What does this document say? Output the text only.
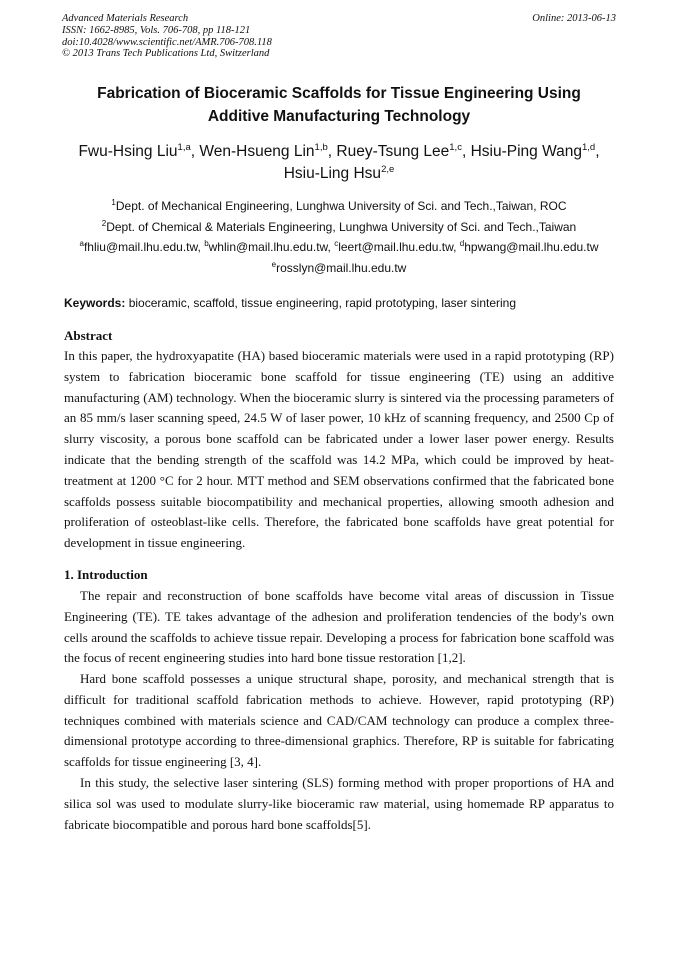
Advanced Materials Research
ISSN: 1662-8985, Vols. 706-708, pp 118-121
doi:10.4028/www.scientific.net/AMR.706-708.118
© 2013 Trans Tech Publications Ltd, Switzerland
Online: 2013-06-13
Fabrication of Bioceramic Scaffolds for Tissue Engineering Using
Additive Manufacturing Technology
Fwu-Hsing Liu$^{1,a}$, Wen-Hsueng Lin$^{1,b}$, Ruey-Tsung Lee$^{1,c}$, Hsiu-Ping Wang$^{1,d}$,
Hsiu-Ling Hsu$^{2,e}$
$^1$Dept. of Mechanical Engineering, Lunghwa University of Sci. and Tech.,Taiwan, ROC
$^2$Dept. of Chemical & Materials Engineering, Lunghwa University of Sci. and Tech.,Taiwan
$^a$fhliu@mail.lhu.edu.tw, $^b$whlin@mail.lhu.edu.tw, $^c$leert@mail.lhu.edu.tw, $^d$hpwang@mail.lhu.edu.tw
$^e$rosslyn@mail.lhu.edu.tw
Keywords: bioceramic, scaffold, tissue engineering, rapid prototyping, laser sintering
Abstract
In this paper, the hydroxyapatite (HA) based bioceramic materials were used in a rapid prototyping (RP) system to fabrication bioceramic bone scaffold for tissue engineering (TE) using an additive manufacturing (AM) technology. When the bioceramic slurry is sintered via the processing parameters of an 85 mm/s laser scanning speed, 24.5 W of laser power, 10 kHz of scanning frequency, and 2500 Cp of slurry viscosity, a porous bone scaffold can be fabricated under a lower laser power energy. Results indicate that the bending strength of the scaffold was 14.2 MPa, which could be improved by heat-treatment at 1200 °C for 2 hour. MTT method and SEM observations confirmed that the fabricated bone scaffolds possess suitable biocompatibility and mechanical properties, allowing smooth adhesion and proliferation of osteoblast-like cells. Therefore, the fabricated bone scaffolds have great potential for development in tissue engineering.
1. Introduction
The repair and reconstruction of bone scaffolds have become vital areas of discussion in Tissue Engineering (TE). TE takes advantage of the adhesion and proliferation tendencies of the body's own cells around the scaffolds to achieve tissue repair. Developing a process for fabrication bone scaffold was the focus of recent engineering studies into hard bone tissue restoration [1,2].
Hard bone scaffold possesses a unique structural shape, porosity, and mechanical strength that is difficult for traditional scaffold fabrication methods to achieve. However, rapid prototyping (RP) techniques combined with materials science and CAD/CAM technology can produce a complex three-dimensional prototype according to three-dimensional graphics. Therefore, RP is suitable for fabricating scaffolds for tissue engineering [3, 4].
In this study, the selective laser sintering (SLS) forming method with proper proportions of HA and silica sol was used to modulate slurry-like bioceramic raw material, using homemade RP apparatus to fabricate biocompatible and porous hard bone scaffolds[5].
